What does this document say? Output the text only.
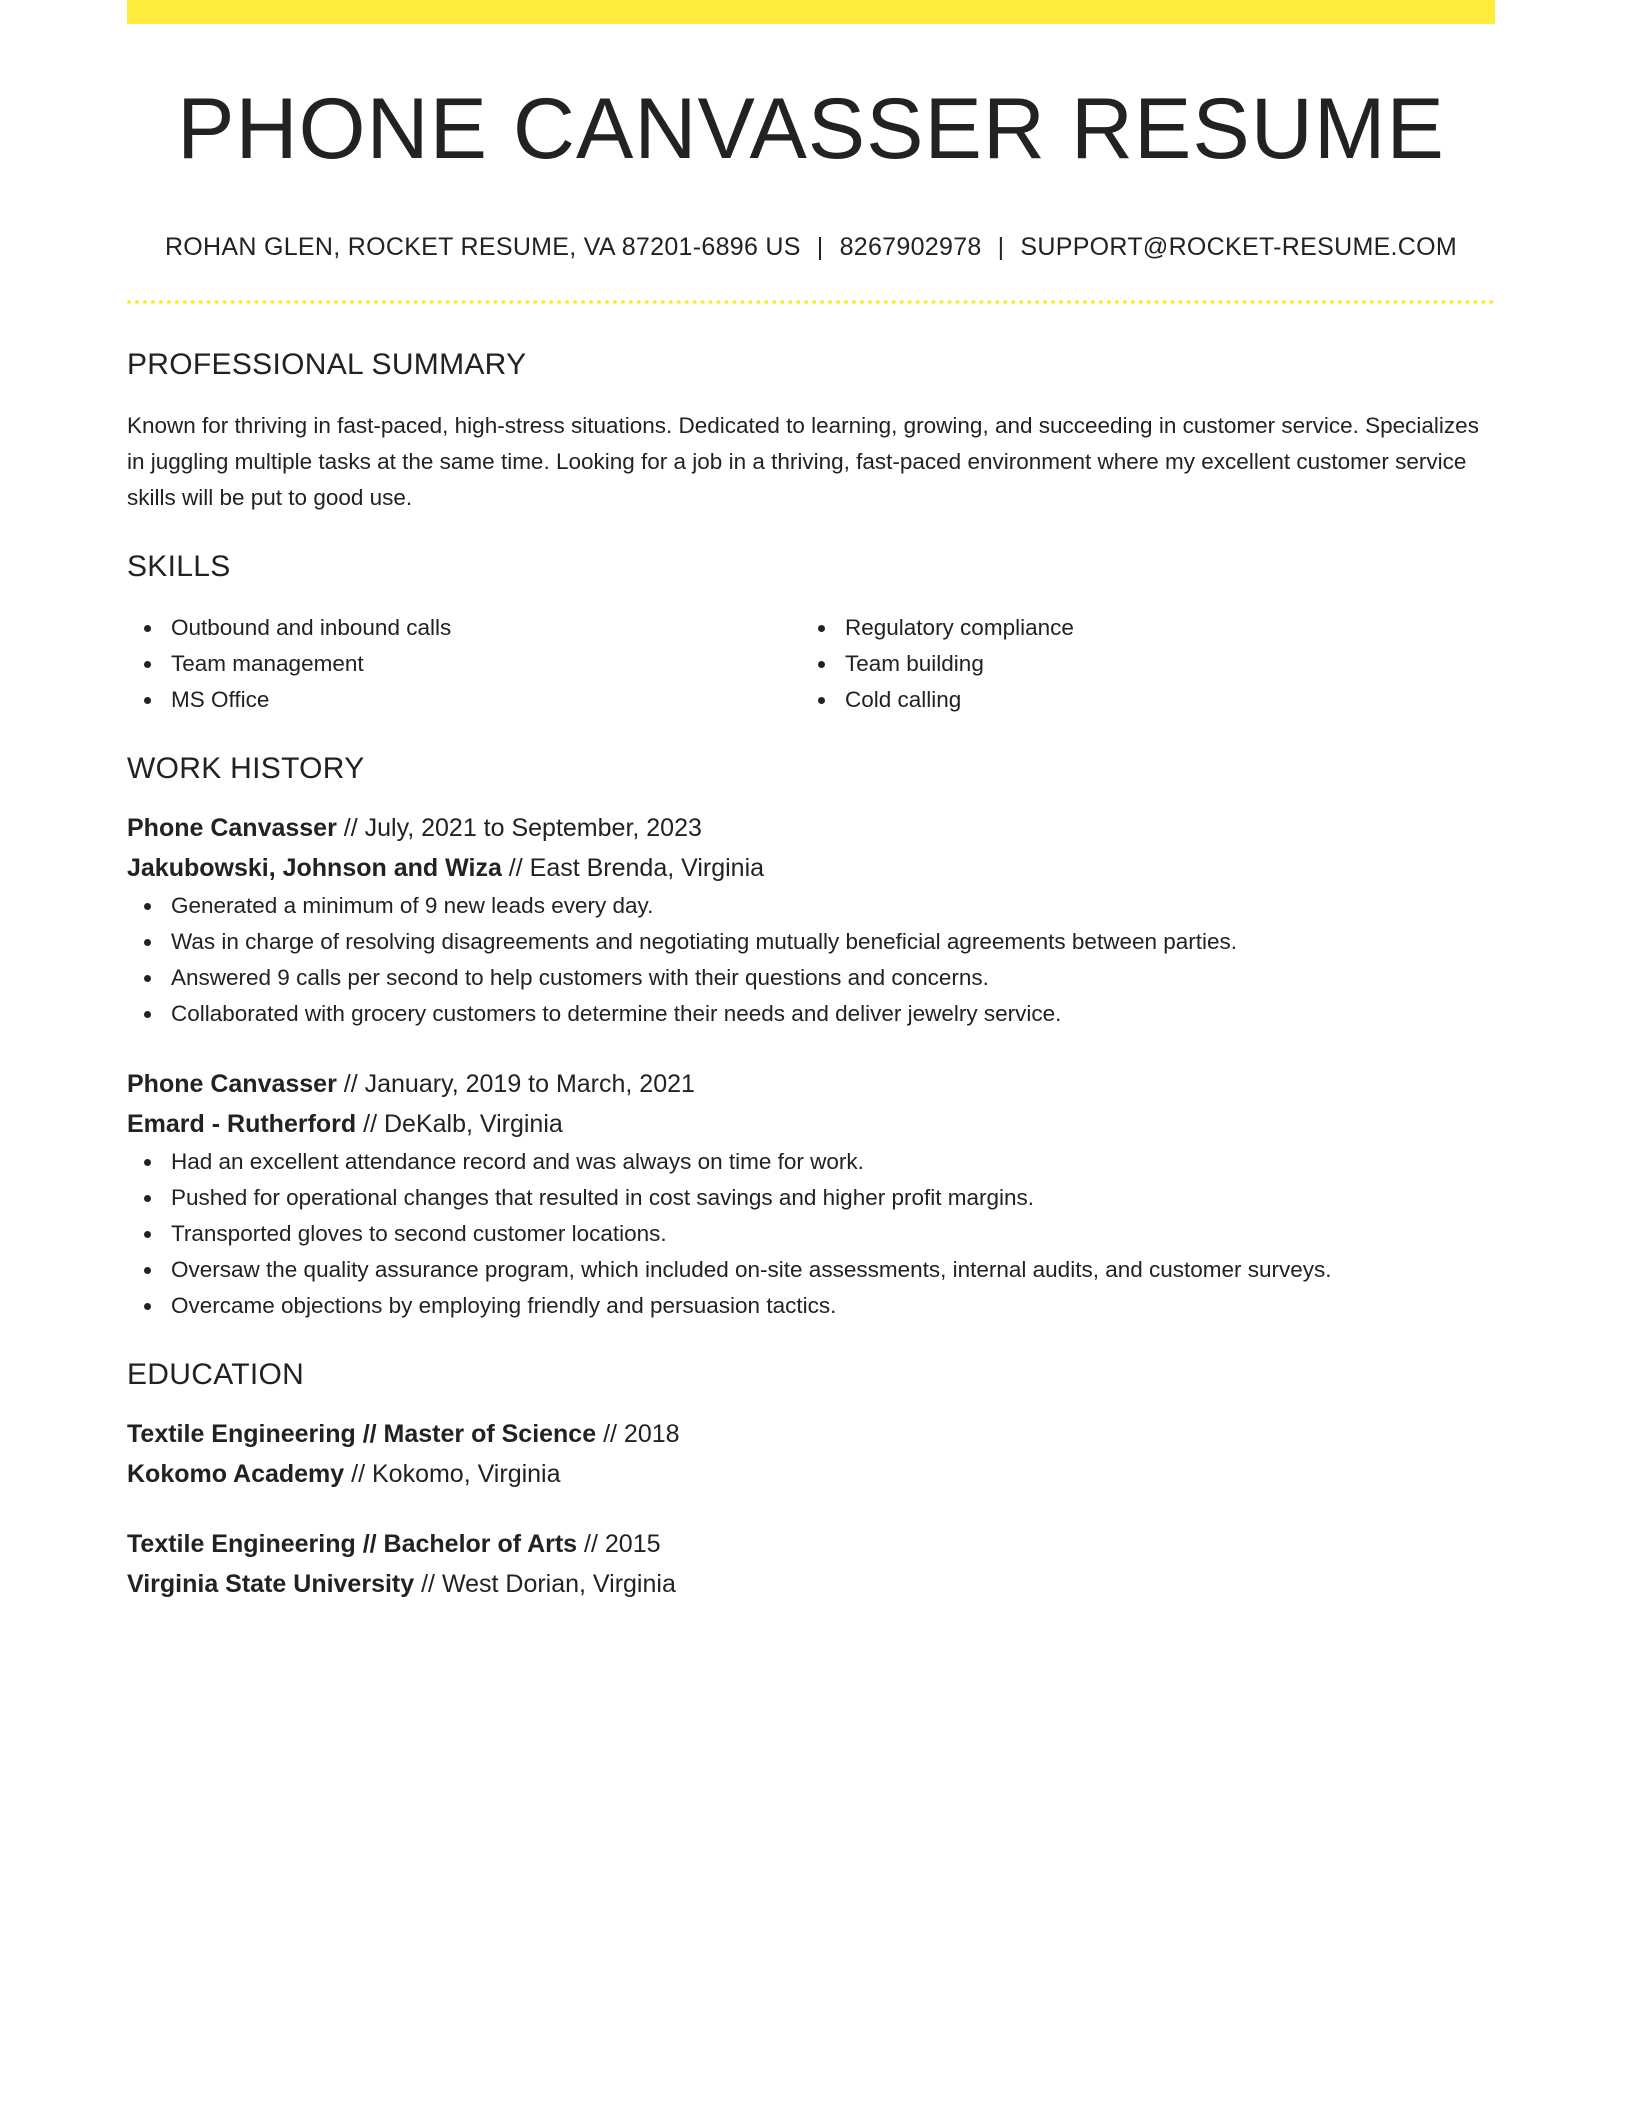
PHONE CANVASSER RESUME
ROHAN GLEN, ROCKET RESUME, VA 87201-6896 US | 8267902978 | SUPPORT@ROCKET-RESUME.COM
PROFESSIONAL SUMMARY

Known for thriving in fast-paced, high-stress situations. Dedicated to learning, growing, and succeeding in customer service. Specializes in juggling multiple tasks at the same time. Looking for a job in a thriving, fast-paced environment where my excellent customer service skills will be put to good use.

SKILLS
Outbound and inbound calls
Team management
MS Office
Regulatory compliance
Team building
Cold calling
WORK HISTORY
Phone Canvasser // July, 2021 to September, 2023
Jakubowski, Johnson and Wiza // East Brenda, Virginia
Generated a minimum of 9 new leads every day.
Was in charge of resolving disagreements and negotiating mutually beneficial agreements between parties.
Answered 9 calls per second to help customers with their questions and concerns.
Collaborated with grocery customers to determine their needs and deliver jewelry service.
Phone Canvasser // January, 2019 to March, 2021
Emard - Rutherford // DeKalb, Virginia
Had an excellent attendance record and was always on time for work.
Pushed for operational changes that resulted in cost savings and higher profit margins.
Transported gloves to second customer locations.
Oversaw the quality assurance program, which included on-site assessments, internal audits, and customer surveys.
Overcame objections by employing friendly and persuasion tactics.
EDUCATION
Textile Engineering // Master of Science // 2018
Kokomo Academy // Kokomo, Virginia
Textile Engineering // Bachelor of Arts // 2015
Virginia State University // West Dorian, Virginia
